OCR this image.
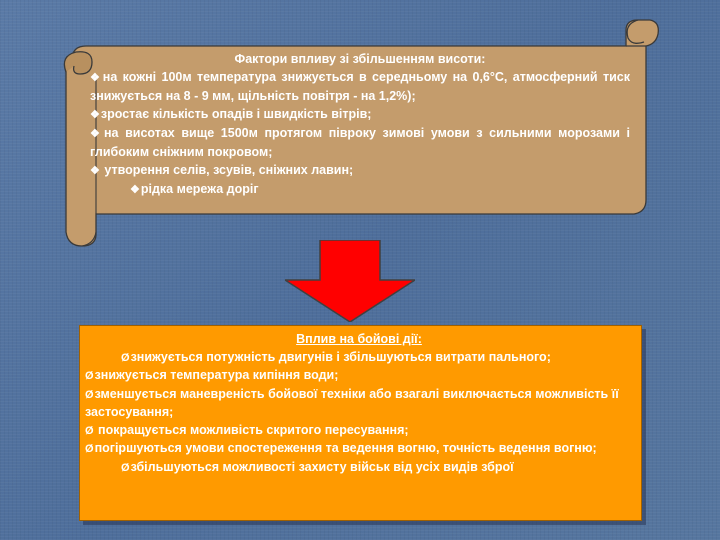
Фактори впливу зі збільшенням висоти:
❖на кожні 100м температура знижується в середньому на 0,6°С, атмосферний тиск знижується на 8 - 9 мм, щільність повітря - на 1,2%);
❖зростає кількість опадів і швидкість вітрів;
❖на висотах вище 1500м протягом півроку зимові умови з сильними морозами і глибоким сніжним покровом;
❖ утворення селів, зсувів, сніжних лавин;
❖рідка мережа доріг
Вплив на бойові дії:
Øзнижується потужність двигунів і збільшуються витрати пального;
Øзнижується температура кипіння води;
Øзменшується маневреність бойової техніки або взагалі виключається можливість її застосування;
Ø покращується можливість скритого пересування;
Øпогіршуються умови спостереження та ведення вогню, точність ведення вогню;
Øзбільшуються можливості захисту військ від усіх видів зброї
